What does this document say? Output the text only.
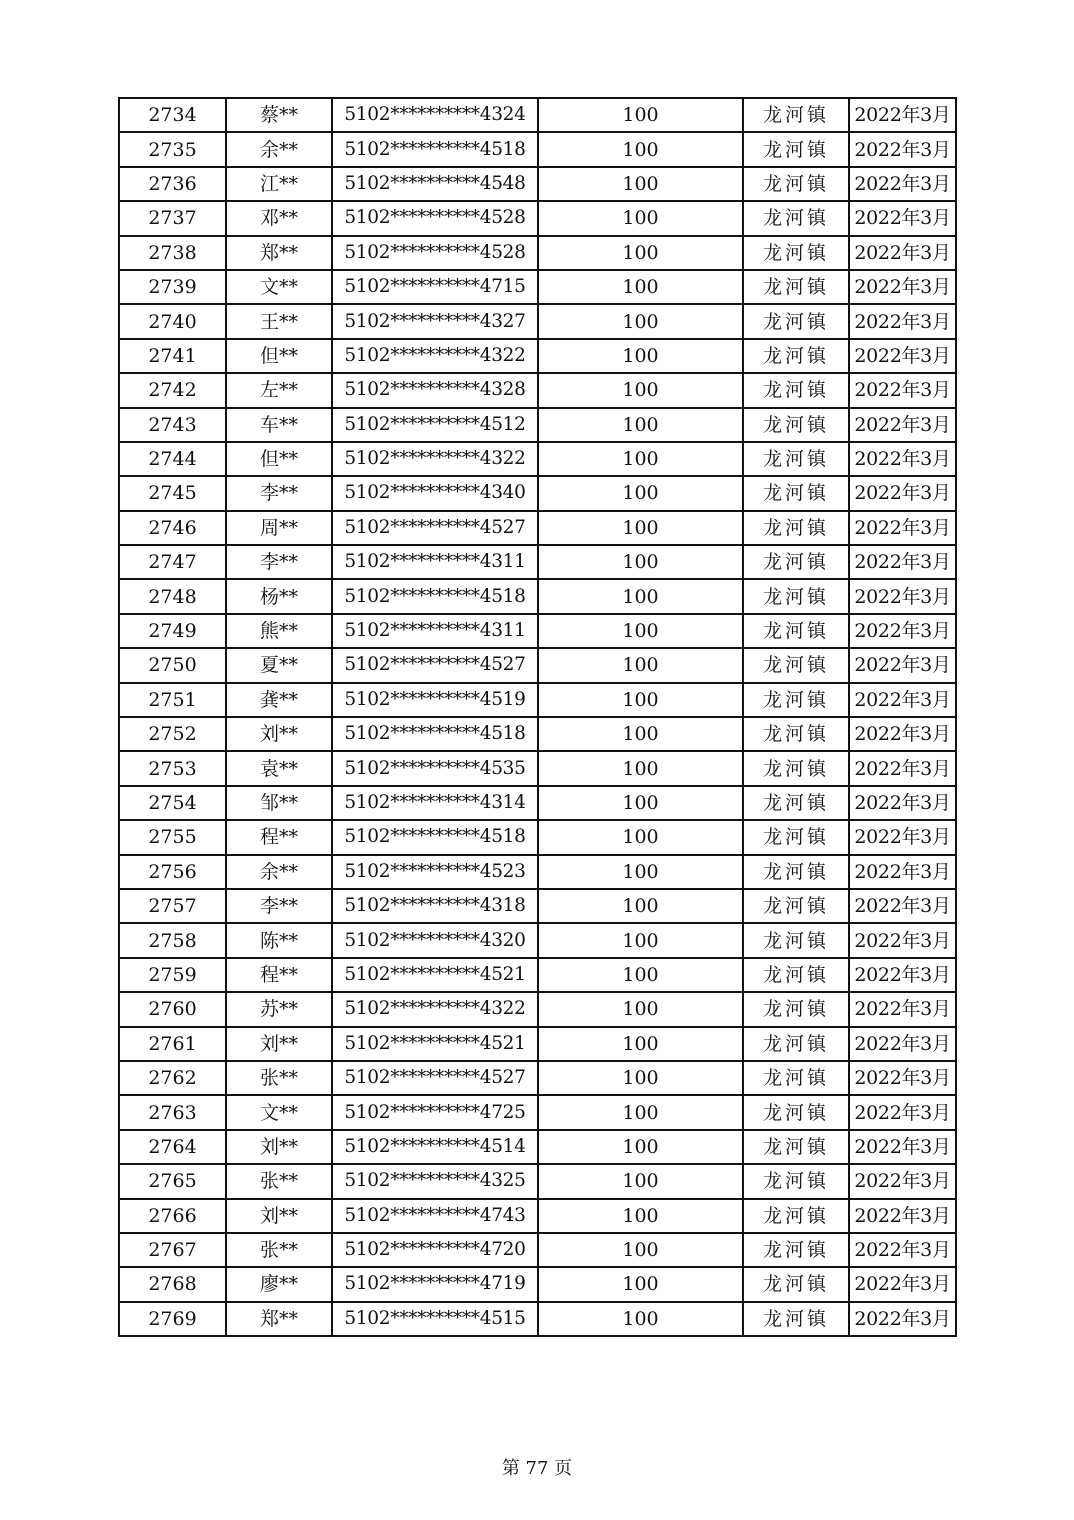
2734	蔡**	5102**********4324	100	龙河镇	2022年3月
2735	余**	5102**********4518	100	龙河镇	2022年3月
2736	江**	5102**********4548	100	龙河镇	2022年3月
2737	邓**	5102**********4528	100	龙河镇	2022年3月
2738	郑**	5102**********4528	100	龙河镇	2022年3月
2739	文**	5102**********4715	100	龙河镇	2022年3月
2740	王**	5102**********4327	100	龙河镇	2022年3月
2741	但**	5102**********4322	100	龙河镇	2022年3月
2742	左**	5102**********4328	100	龙河镇	2022年3月
2743	车**	5102**********4512	100	龙河镇	2022年3月
2744	但**	5102**********4322	100	龙河镇	2022年3月
2745	李**	5102**********4340	100	龙河镇	2022年3月
2746	周**	5102**********4527	100	龙河镇	2022年3月
2747	李**	5102**********4311	100	龙河镇	2022年3月
2748	杨**	5102**********4518	100	龙河镇	2022年3月
2749	熊**	5102**********4311	100	龙河镇	2022年3月
2750	夏**	5102**********4527	100	龙河镇	2022年3月
2751	龚**	5102**********4519	100	龙河镇	2022年3月
2752	刘**	5102**********4518	100	龙河镇	2022年3月
2753	袁**	5102**********4535	100	龙河镇	2022年3月
2754	邹**	5102**********4314	100	龙河镇	2022年3月
2755	程**	5102**********4518	100	龙河镇	2022年3月
2756	余**	5102**********4523	100	龙河镇	2022年3月
2757	李**	5102**********4318	100	龙河镇	2022年3月
2758	陈**	5102**********4320	100	龙河镇	2022年3月
2759	程**	5102**********4521	100	龙河镇	2022年3月
2760	苏**	5102**********4322	100	龙河镇	2022年3月
2761	刘**	5102**********4521	100	龙河镇	2022年3月
2762	张**	5102**********4527	100	龙河镇	2022年3月
2763	文**	5102**********4725	100	龙河镇	2022年3月
2764	刘**	5102**********4514	100	龙河镇	2022年3月
2765	张**	5102**********4325	100	龙河镇	2022年3月
2766	刘**	5102**********4743	100	龙河镇	2022年3月
2767	张**	5102**********4720	100	龙河镇	2022年3月
2768	廖**	5102**********4719	100	龙河镇	2022年3月
2769	郑**	5102**********4515	100	龙河镇	2022年3月
第 77 页
